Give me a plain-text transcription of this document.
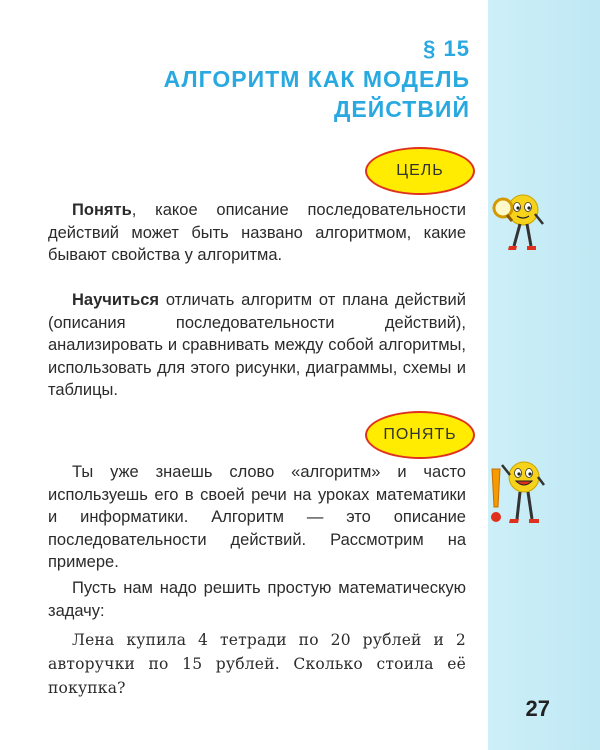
§ 15
АЛГОРИТМ КАК МОДЕЛЬ
ДЕЙСТВИЙ
ЦЕЛЬ

Понять, какое описание последовательности действий может быть названо алгоритмом, какие бывают свойства у алгоритма.

Научиться отличать алгоритм от плана действий (описания последовательности действий), анализировать и сравнивать между собой алгоритмы, использовать для этого рисунки, диаграммы, схемы и таблицы.

ПОНЯТЬ

Ты уже знаешь слово «алгоритм» и часто используешь его в своей речи на уроках математики и информатики. Алгоритм — это описание последовательности действий. Рассмотрим на примере.

Пусть нам надо решить простую математическую задачу:

Лена купила 4 тетради по 20 рублей и 2 авторучки по 15 рублей. Сколько стоила её покупка?

27
